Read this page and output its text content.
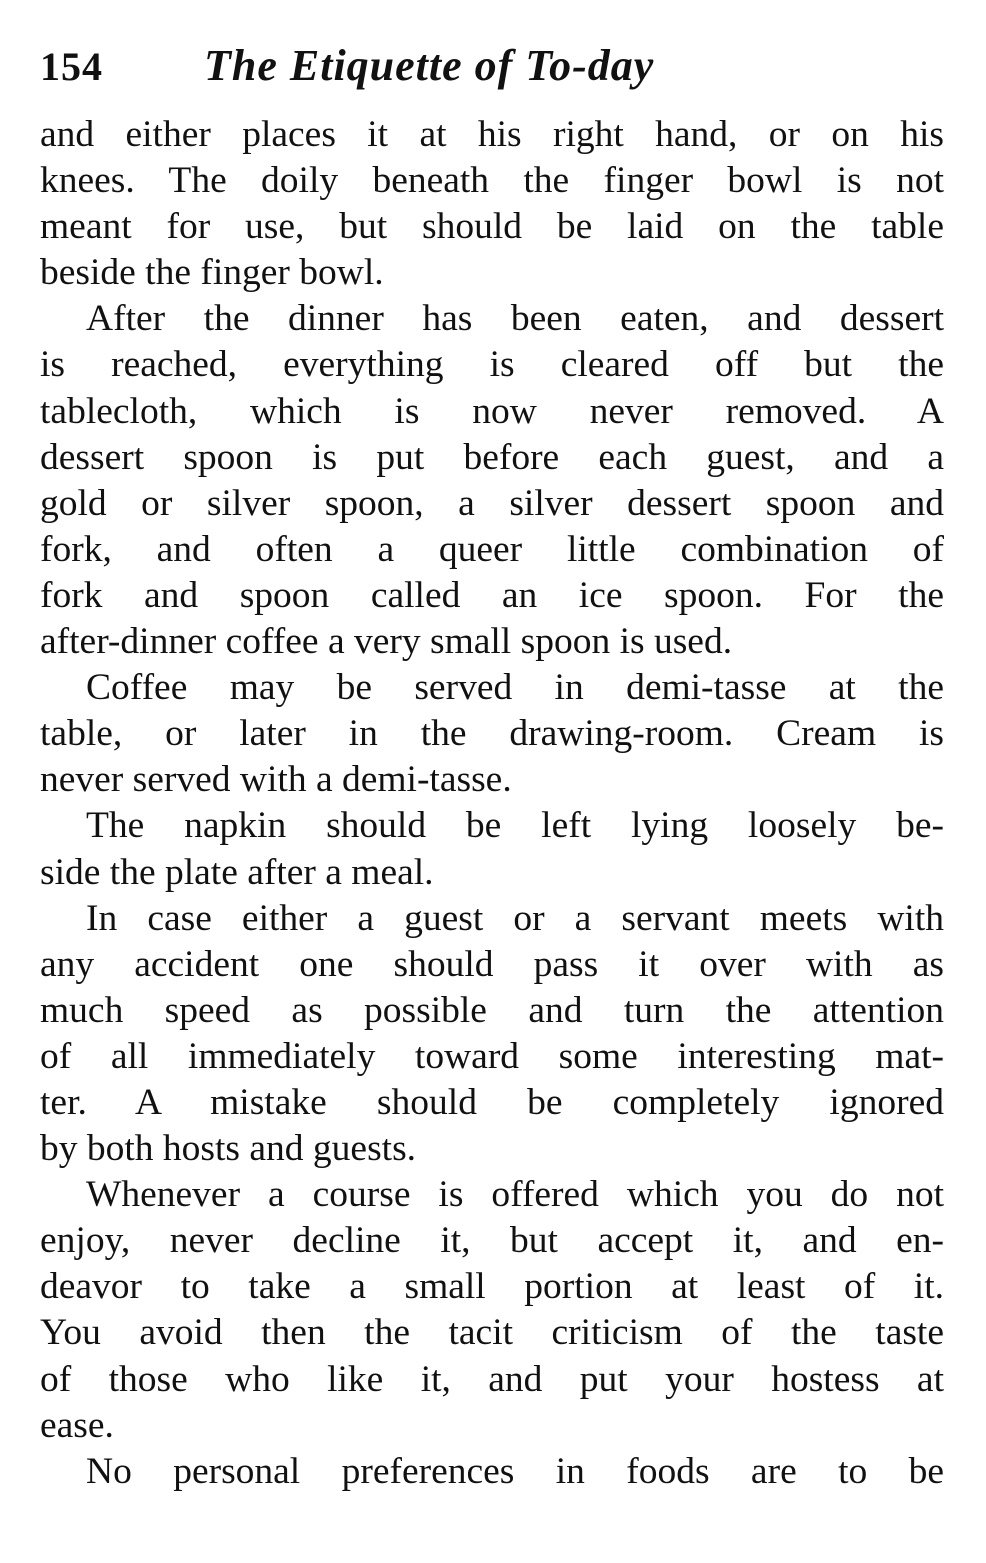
154	The Etiquette of To-day
and either places it at his right hand, or on his
knees. The doily beneath the finger bowl is not
meant for use, but should be laid on the table
beside the finger bowl.
After the dinner has been eaten, and dessert
is reached, everything is cleared off but the
tablecloth, which is now never removed. A
dessert spoon is put before each guest, and a
gold or silver spoon, a silver dessert spoon and
fork, and often a queer little combination of
fork and spoon called an ice spoon. For the
after-dinner coffee a very small spoon is used.
Coffee may be served in demi-tasse at the
table, or later in the drawing-room. Cream is
never served with a demi-tasse.
The napkin should be left lying loosely be-
side the plate after a meal.
In case either a guest or a servant meets with
any accident one should pass it over with as
much speed as possible and turn the attention
of all immediately toward some interesting mat-
ter. A mistake should be completely ignored
by both hosts and guests.
Whenever a course is offered which you do not
enjoy, never decline it, but accept it, and en-
deavor to take a small portion at least of it.
You avoid then the tacit criticism of the taste
of those who like it, and put your hostess at
ease.
No personal preferences in foods are to be
